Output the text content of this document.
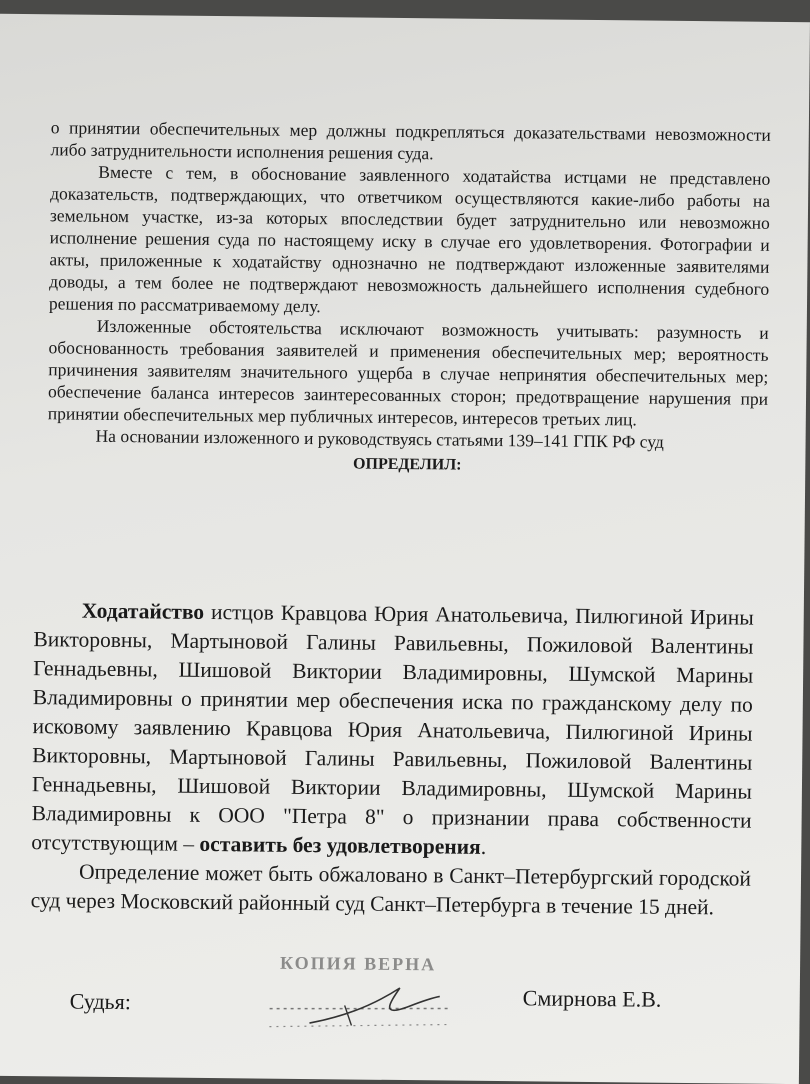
о принятии обеспечительных мер должны подкрепляться доказательствами невозможности либо затруднительности исполнения решения суда.

Вместе с тем, в обоснование заявленного ходатайства истцами не представлено доказательств, подтверждающих, что ответчиком осуществляются какие-либо работы на земельном участке, из-за которых впоследствии будет затруднительно или невозможно исполнение решения суда по настоящему иску в случае его удовлетворения. Фотографии и акты, приложенные к ходатайству однозначно не подтверждают изложенные заявителями доводы, а тем более не подтверждают невозможность дальнейшего исполнения судебного решения по рассматриваемому делу.

Изложенные обстоятельства исключают возможность учитывать: разумность и обоснованность требования заявителей и применения обеспечительных мер; вероятность причинения заявителям значительного ущерба в случае непринятия обеспечительных мер; обеспечение баланса интересов заинтересованных сторон; предотвращение нарушения при принятии обеспечительных мер публичных интересов, интересов третьих лиц.

На основании изложенного и руководствуясь статьями 139–141 ГПК РФ суд

ОПРЕДЕЛИЛ:

Ходатайство истцов Кравцова Юрия Анатольевича, Пилюгиной Ирины Викторовны, Мартыновой Галины Равильевны, Пожиловой Валентины Геннадьевны, Шишовой Виктории Владимировны, Шумской Марины Владимировны о принятии мер обеспечения иска по гражданскому делу по исковому заявлению Кравцова Юрия Анатольевича, Пилюгиной Ирины Викторовны, Мартыновой Галины Равильевны, Пожиловой Валентины Геннадьевны, Шишовой Виктории Владимировны, Шумской Марины Владимировны к ООО "Петра 8" о признании права собственности отсутствующим – оставить без удовлетворения.

Определение может быть обжаловано в Санкт–Петербургский городской суд через Московский районный суд Санкт–Петербурга в течение 15 дней.

КОПИЯ ВЕРНА
Судья:	Смирнова Е.В.
